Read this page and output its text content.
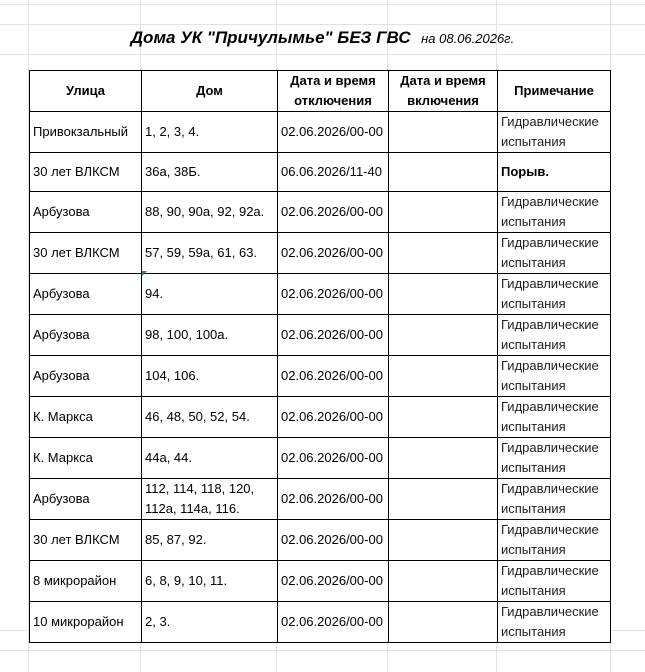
Дома УК "Причулымье" БЕЗ ГВС на 08.06.2026г.
Улица	Дом	Дата и время отключения	Дата и время включения	Примечание
Привокзальный	1, 2, 3, 4.	02.06.2026/00-00		Гидравлические испытания
30 лет ВЛКСМ	36а, 38Б.	06.06.2026/11-40		Порыв.
Арбузова	88, 90, 90а, 92, 92а.	02.06.2026/00-00		Гидравлические испытания
30 лет ВЛКСМ	57, 59, 59а, 61, 63.	02.06.2026/00-00		Гидравлические испытания
Арбузова	94.	02.06.2026/00-00		Гидравлические испытания
Арбузова	98, 100, 100а.	02.06.2026/00-00		Гидравлические испытания
Арбузова	104, 106.	02.06.2026/00-00		Гидравлические испытания
К. Маркса	46, 48, 50, 52, 54.	02.06.2026/00-00		Гидравлические испытания
К. Маркса	44а, 44.	02.06.2026/00-00		Гидравлические испытания
Арбузова	112, 114, 118, 120, 112а, 114а, 116.	02.06.2026/00-00		Гидравлические испытания
30 лет ВЛКСМ	85, 87, 92.	02.06.2026/00-00		Гидравлические испытания
8 микрорайон	6, 8, 9, 10, 11.	02.06.2026/00-00		Гидравлические испытания
10 микрорайон	2, 3.	02.06.2026/00-00		Гидравлические испытания
